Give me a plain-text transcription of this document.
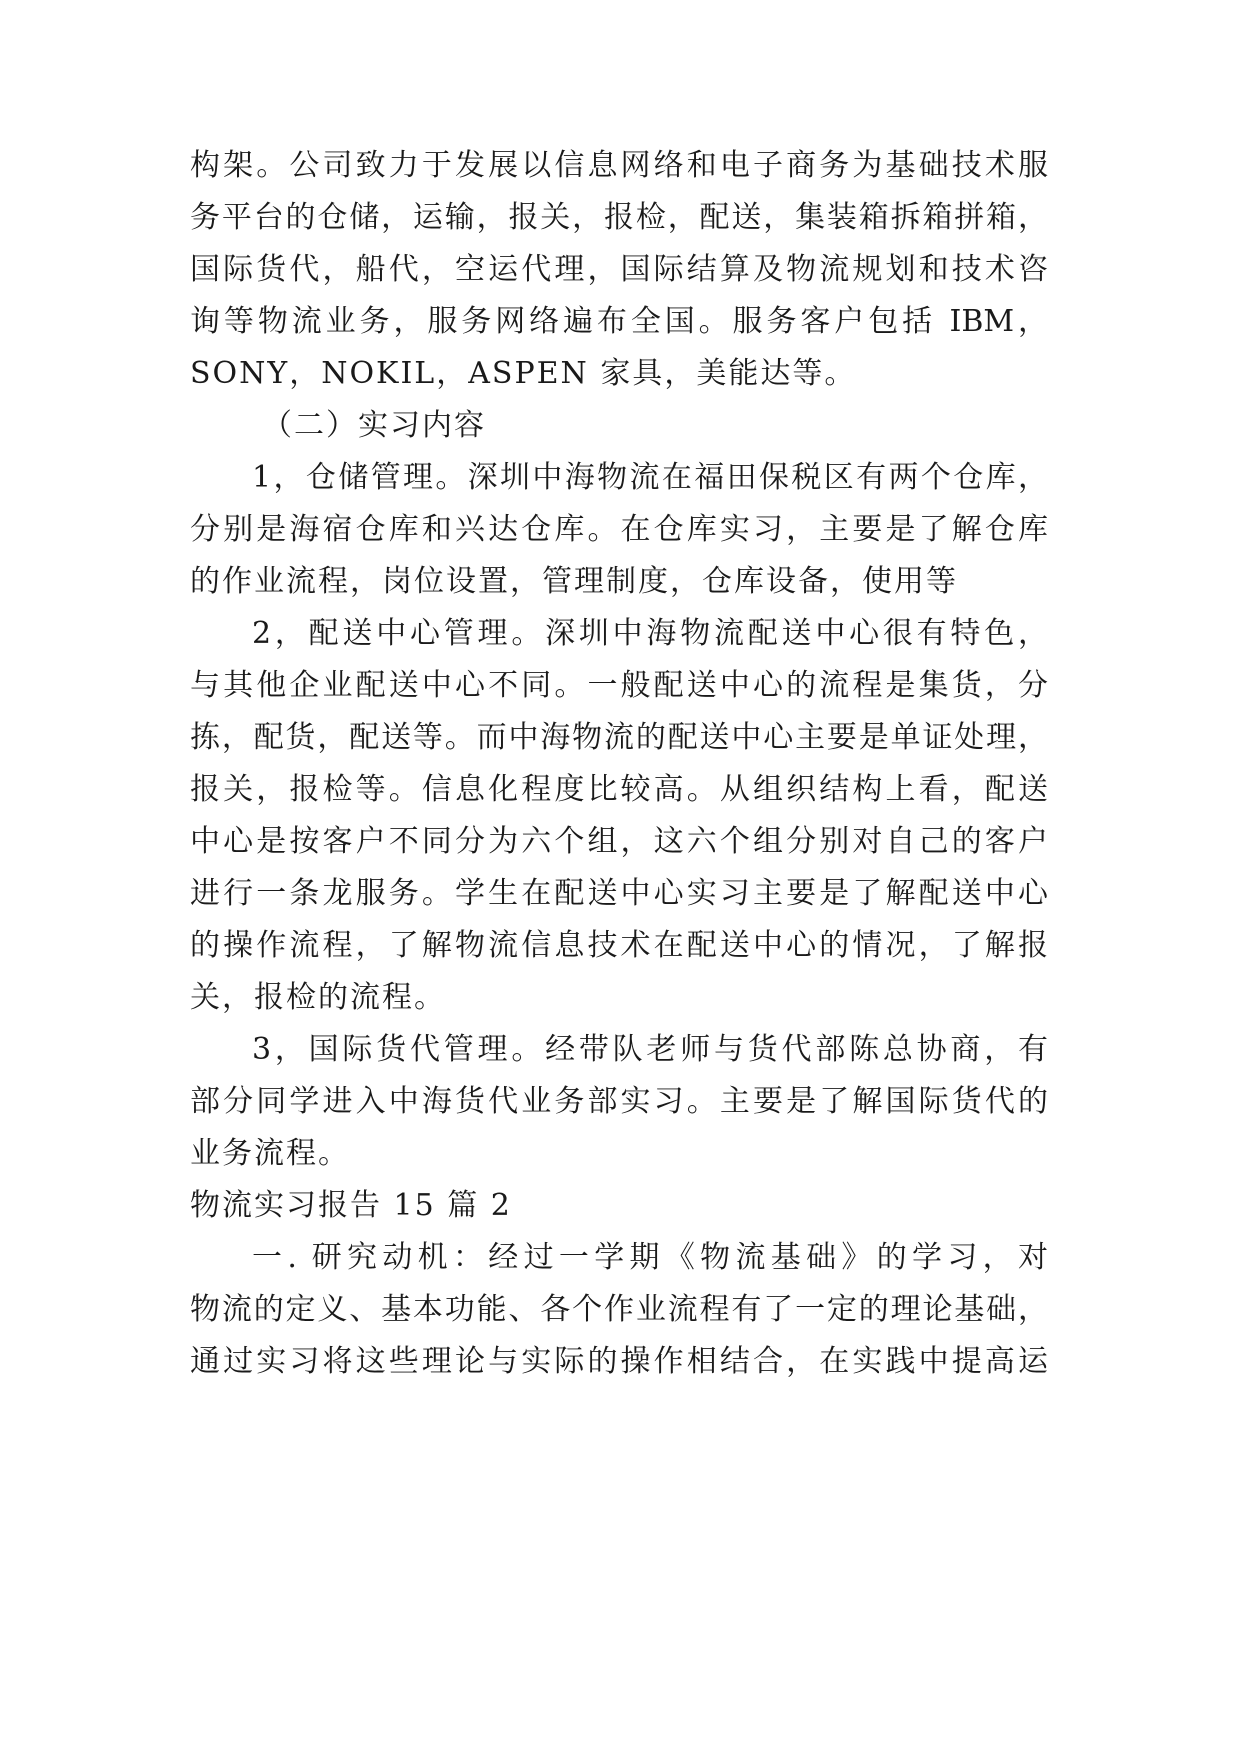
构架。公司致力于发展以信息网络和电子商务为基础技术服
务平台的仓储，运输，报关，报检，配送，集装箱拆箱拼箱，
国际货代，船代，空运代理，国际结算及物流规划和技术咨
询等物流业务，服务网络遍布全国。服务客户包括 IBM，
SONY，NOKIL，ASPEN 家具，美能达等。
（二）实习内容
1，仓储管理。深圳中海物流在福田保税区有两个仓库，
分别是海宿仓库和兴达仓库。在仓库实习，主要是了解仓库
的作业流程，岗位设置，管理制度，仓库设备，使用等
2，配送中心管理。深圳中海物流配送中心很有特色，
与其他企业配送中心不同。一般配送中心的流程是集货，分
拣，配货，配送等。而中海物流的配送中心主要是单证处理，
报关，报检等。信息化程度比较高。从组织结构上看，配送
中心是按客户不同分为六个组，这六个组分别对自己的客户
进行一条龙服务。学生在配送中心实习主要是了解配送中心
的操作流程，了解物流信息技术在配送中心的情况，了解报
关，报检的流程。
3，国际货代管理。经带队老师与货代部陈总协商，有
部分同学进入中海货代业务部实习。主要是了解国际货代的
业务流程。
物流实习报告 15 篇 2
一. 研究动机：经过一学期《物流基础》的学习，对
物流的定义、基本功能、各个作业流程有了一定的理论基础，
通过实习将这些理论与实际的操作相结合，在实践中提高运
